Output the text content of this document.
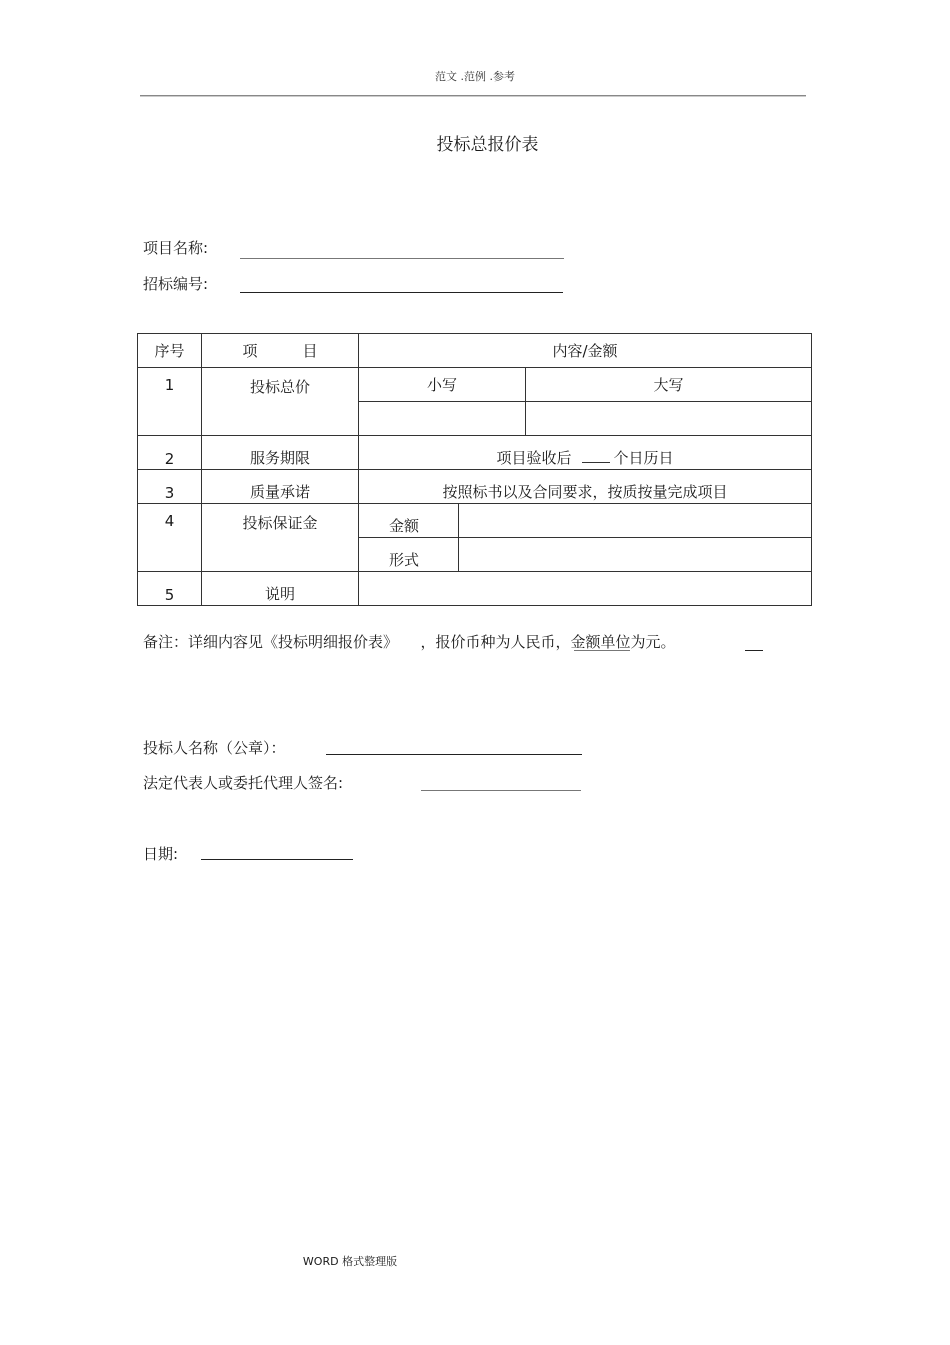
范文 .范例 .参考
投标总报价表
项目名称:
招标编号:
序号	项　　　目	内容/金额		
1	投标总价	小写		大写

2	服务期限	项目验收后 个日历日		
3	质量承诺	按照标书以及合同要求，按质按量完成项目		
4	投标保证金	金额		
		形式		
5	说明			
备注：详细内容见《投标明细报价表》　　，报价币种为人民币，金额单位为元。
投标人名称（公章）：
法定代表人或委托代理人签名:
日期:
WORD 格式整理版
